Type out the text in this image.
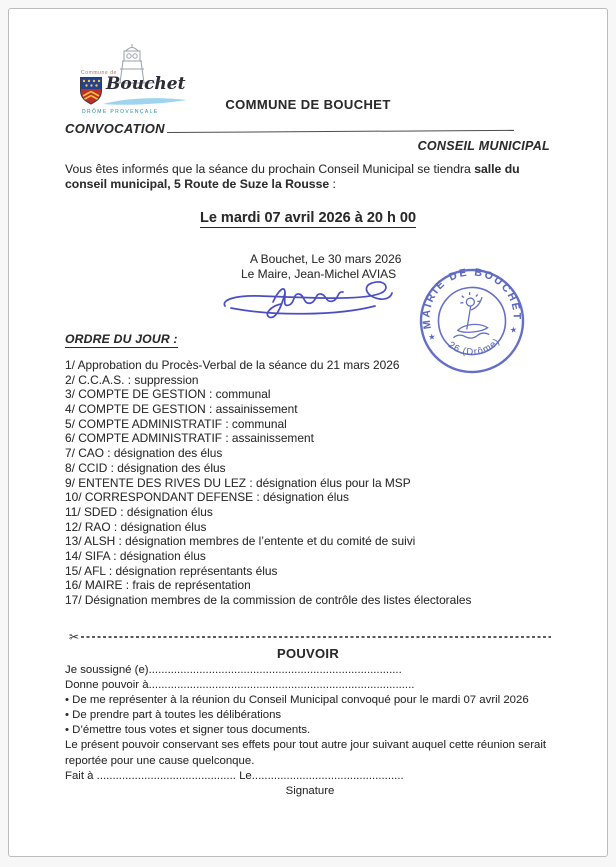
Commune de
Bouchet
DRÔME PROVENÇALE	COMMUNE DE BOUCHET
CONVOCATION
CONSEIL MUNICIPAL
Vous êtes informés que la séance du prochain Conseil Municipal se tiendra salle du conseil municipal, 5 Route de Suze la Rousse :
Le mardi 07 avril 2026 à 20 h 00
A Bouchet, Le 30 mars 2026
Le Maire, Jean-Michel AVIAS
MAIRIE DE BOUCHET
26 (Drôme)
★
★
ORDRE DU JOUR :
1/ Approbation du Procès-Verbal de la séance du 21 mars 2026
2/ C.C.A.S. : suppression
3/ COMPTE DE GESTION : communal
4/ COMPTE DE GESTION : assainissement
5/ COMPTE ADMINISTRATIF : communal
6/ COMPTE ADMINISTRATIF : assainissement
7/ CAO : désignation des élus
8/ CCID : désignation des élus
9/ ENTENTE DES RIVES DU LEZ : désignation élus pour la MSP
10/ CORRESPONDANT DEFENSE : désignation élus
11/ SDED : désignation élus
12/ RAO : désignation élus
13/ ALSH : désignation membres de l’entente et du comité de suivi
14/ SIFA : désignation élus
15/ AFL : désignation représentants élus
16/ MAIRE : frais de représentation
17/ Désignation membres de la commission de contrôle des listes électorales
✂
POUVOIR
Je soussigné (e)................................................................................
Donne pouvoir à....................................................................................
• De me représenter à la réunion du Conseil Municipal convoqué pour le mardi 07 avril 2026
• De prendre part à toutes les délibérations
• D’émettre tous votes et signer tous documents.
Le présent pouvoir conservant ses effets pour tout autre jour suivant auquel cette réunion serait reportée pour une cause quelconque.
Fait à ............................................ Le................................................
Signature
